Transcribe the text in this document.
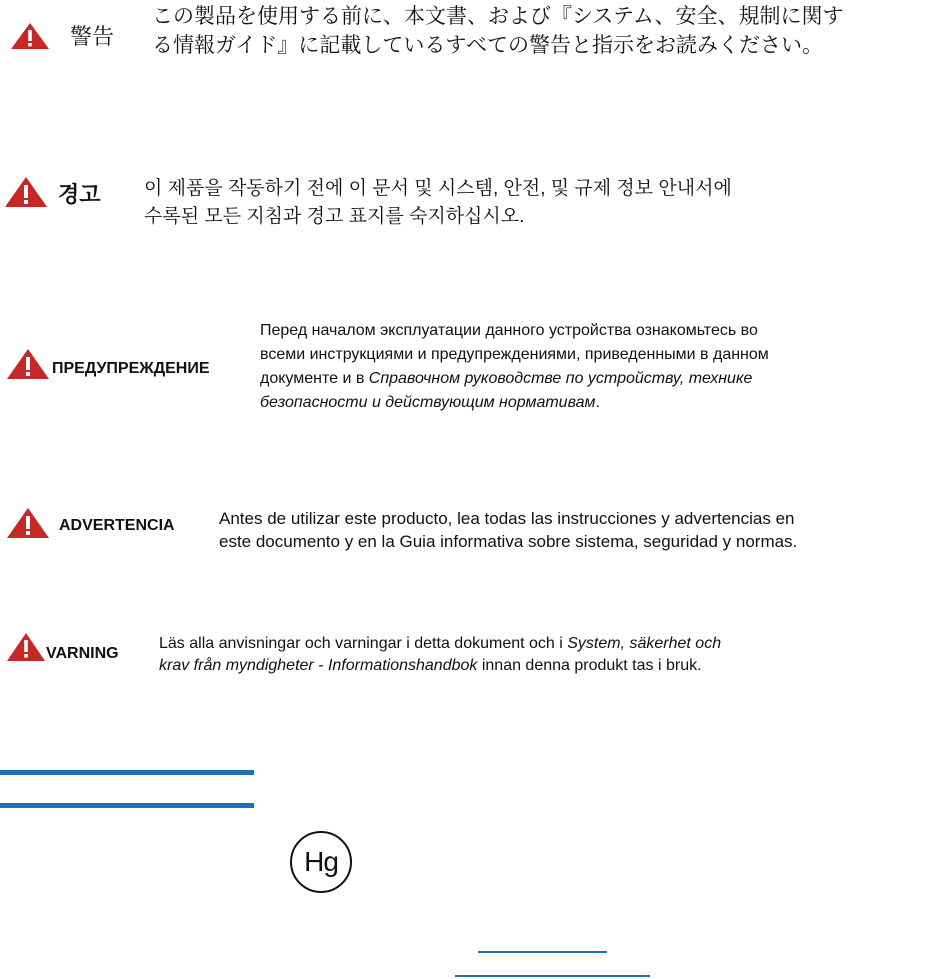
警告
この製品を使用する前に、本文書、および『システム、安全、規制に関す
る情報ガイド』に記載しているすべての警告と指示をお読みください。
경고 이 제품을 작동하기 전에 이 문서 및 시스템, 안전, 및 규제 정보 안내서에
수록된 모든 지침과 경고 표지를 숙지하십시오.
ПРЕДУПРЕЖДЕНИЕ
Перед началом эксплуатации данного устройства ознакомьтесь во
всеми инструкциями и предупреждениями, приведенными в данном
документе и в Справочном руководстве по устройству, технике
безопасности и действующим нормативам.
ADVERTENCIA	Antes de utilizar este producto, lea todas las instrucciones y advertencias en
este documento y en la Guia informativa sobre sistema, seguridad y normas.
VARNING
Läs alla anvisningar och varningar i detta dokument och i System, säkerhet och
krav från myndigheter - Informationshandbok innan denna produkt tas i bruk.
Hg
